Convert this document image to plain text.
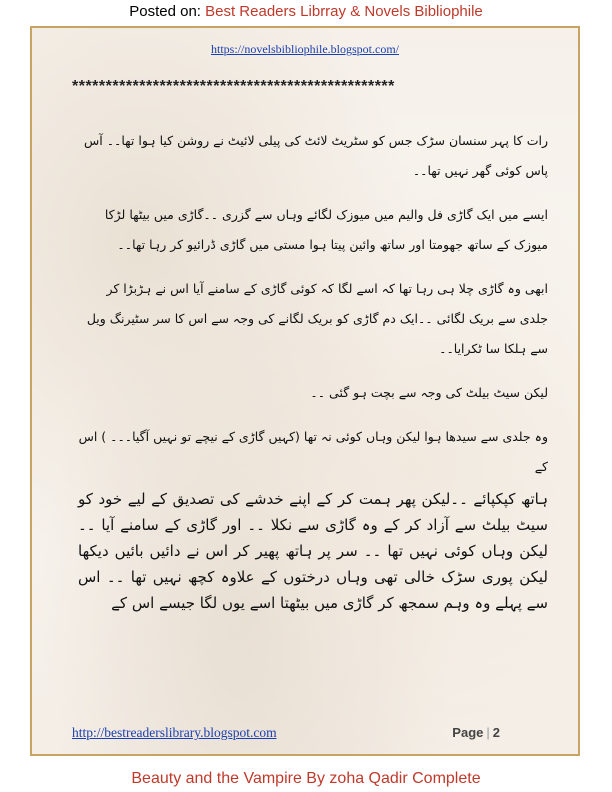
Posted on: Best Readers Librray & Novels Bibliophile
https://novelsbibliophile.blogspot.com/
************************************************

رات کا پہر سنسان سڑک جس کو سٹریٹ لائٹ کی پیلی لائیٹ نے روشن کیا ہوا تھا۔۔ آس پاس کوئی گھر نہیں تھا۔۔

ایسے میں ایک گاڑی فل والیم میں میوزک لگائے وہاں سے گزری ۔۔گاڑی میں بیٹھا لڑکا میوزک کے ساتھ جھومتا اور ساتھ وائین پیتا ہوا مستی میں گاڑی ڈرائیو کر رہا تھا۔۔

ابھی وہ گاڑی چلا ہی رہا تھا کہ اسے لگا کہ کوئی گاڑی کے سامنے آیا اس نے ہڑبڑا کر جلدی سے بریک لگائی ۔۔ایک دم گاڑی کو بریک لگانے کی وجہ سے اس کا سر سٹیرنگ ویل سے ہلکا سا ٹکرایا۔۔

لیکن سیٹ بیلٹ کی وجہ سے بچت ہو گئی ۔۔

وہ جلدی سے سیدھا ہوا لیکن وہاں کوئی نہ تھا (کہیں گاڑی کے نیچے تو نہیں آگیا۔۔۔ ) اس کے

ہاتھ کپکپائے ۔۔لیکن پھر ہمت کر کے اپنے خدشے کی تصدیق کے لیے خود کو سیٹ بیلٹ سے آزاد کر کے وہ گاڑی سے نکلا ۔۔ اور گاڑی کے سامنے آیا ۔۔ لیکن وہاں کوئی نہیں تھا ۔۔ سر پر ہاتھ پھیر کر اس نے دائیں بائیں دیکھا لیکن پوری سڑک خالی تھی وہاں درختوں کے علاوہ کچھ نہیں تھا ۔۔ اس سے پہلے وہ وہم سمجھ کر گاڑی میں بیٹھتا اسے یوں لگا جیسے اس کے

http://bestreaderslibrary.blogspot.com	Page | 2
Beauty and the Vampire By zoha Qadir Complete
